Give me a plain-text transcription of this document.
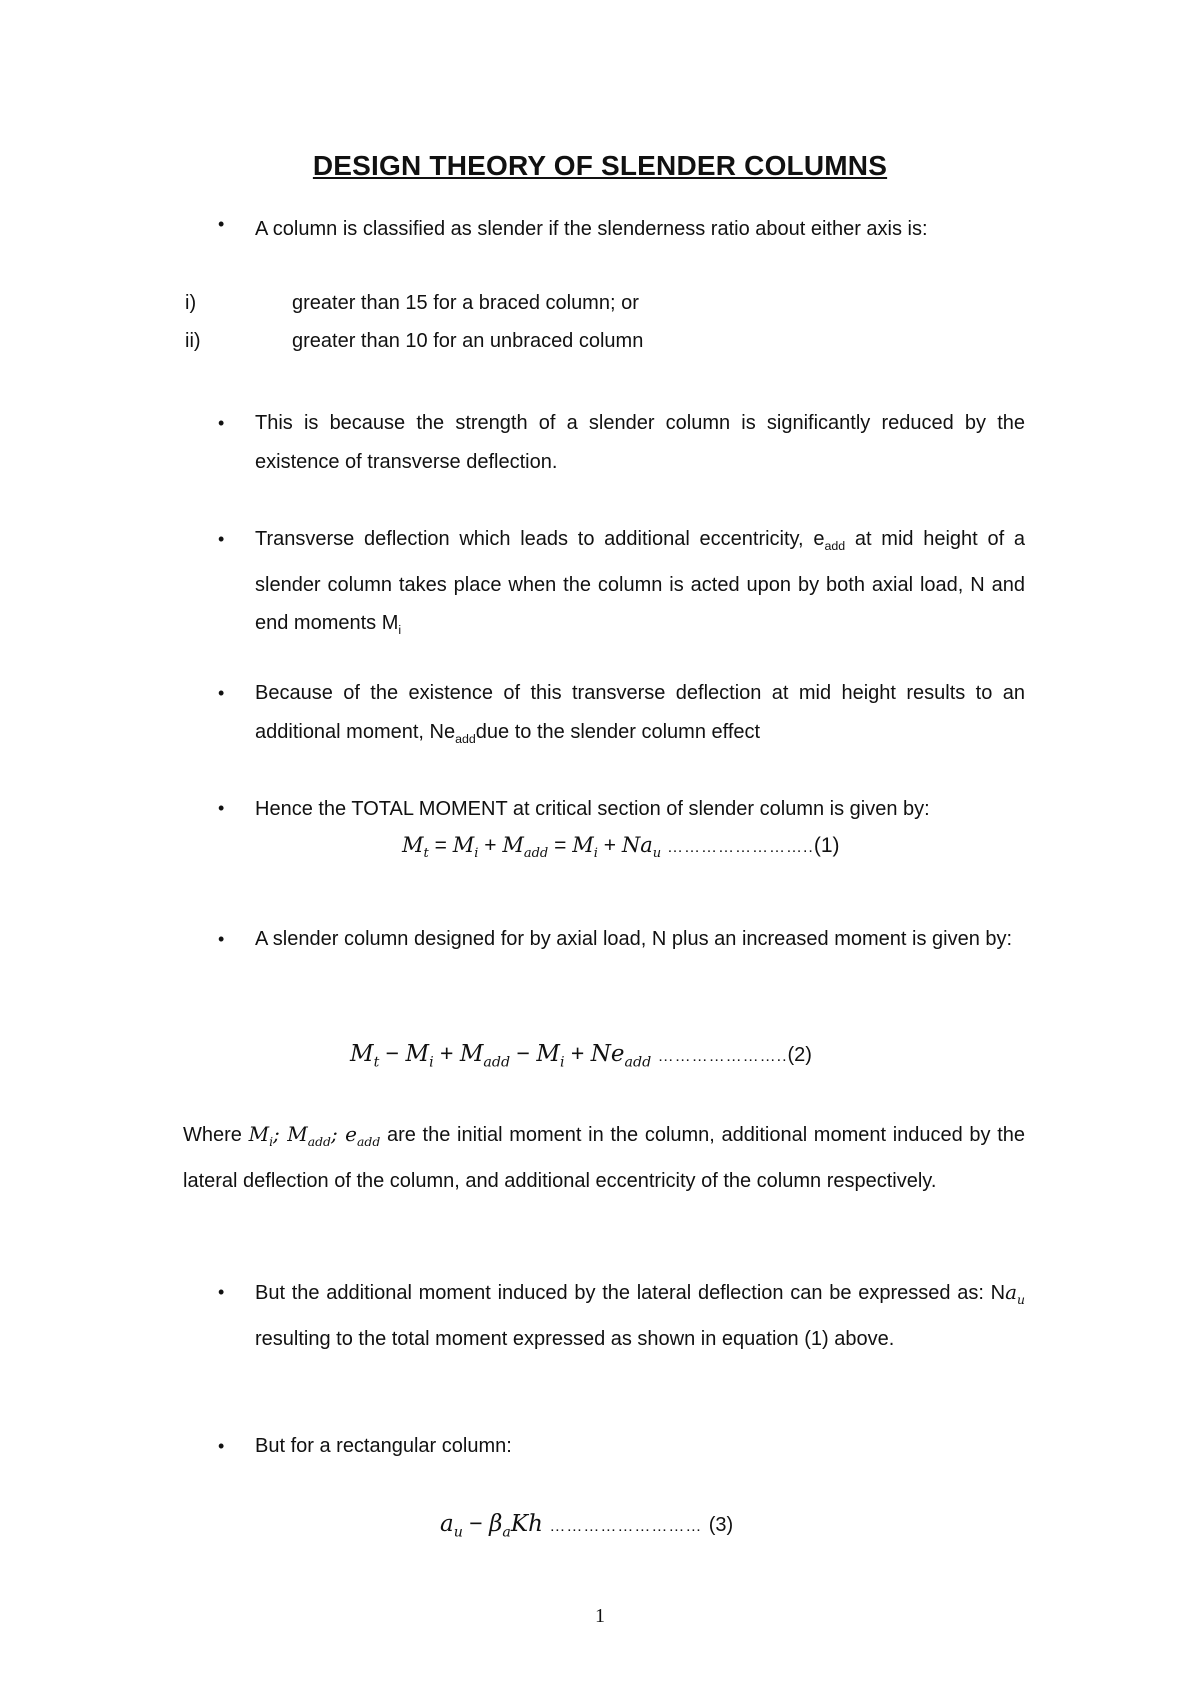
DESIGN THEORY OF SLENDER COLUMNS
• A column is classified as slender if the slenderness ratio about either axis is:
i)	greater than 15 for a braced column; or
ii)	greater than 10 for an unbraced column
• This is because the strength of a slender column is significantly reduced by the existence of transverse deflection.
• Transverse deflection which leads to additional eccentricity, $e_{add}$ at mid height of a slender column takes place when the column is acted upon by both axial load, N and end moments $M_i$
• Because of the existence of this transverse deflection at mid height results to an additional moment, $Ne_{add}due$ to the slender column effect
• Hence the TOTAL MOMENT at critical section of slender column is given by:
$M_t = M_i + M_{add} = M_i + Na_u$ ……………………..(1)
• A slender column designed for by axial load, N plus an increased moment is given by:
$M_t - M_i + M_{add} - M_i + Ne_{add}$ …………………..(2)
Where $M_i$; $M_{add}$; $e_{add}$ are the initial moment in the column, additional moment induced by the lateral deflection of the column, and additional eccentricity of the column respectively.
• But the additional moment induced by the lateral deflection can be expressed as: $Na_u$ resulting to the total moment expressed as shown in equation (1) above.
• But for a rectangular column:
$a_u - \beta_aKh$ ……………………… (3)
1
